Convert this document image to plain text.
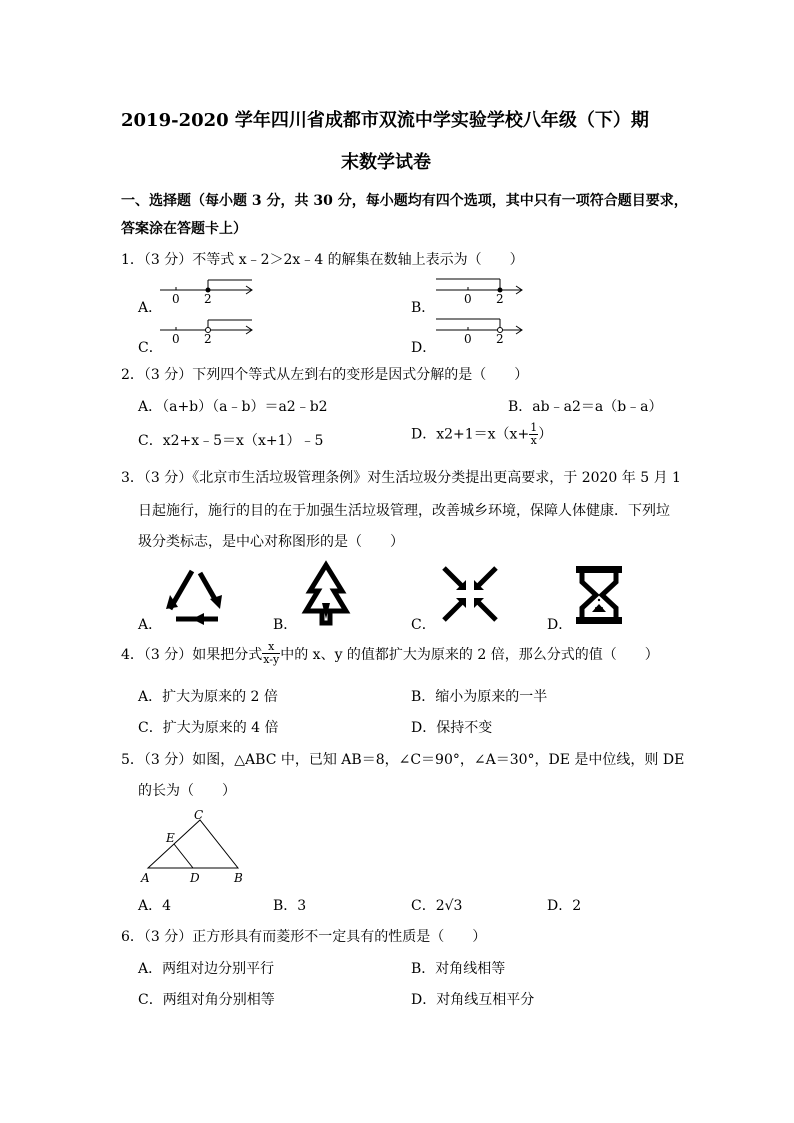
2019-2020 学年四川省成都市双流中学实验学校八年级（下）期
末数学试卷
一、选择题（每小题 3 分，共 30 分，每小题均有四个选项，其中只有一项符合题目要求，
答案涂在答题卡上）
1．（3 分）不等式 x﹣2＞2x﹣4 的解集在数轴上表示为（　　）
A．
0 2
B．
0 2
C．
0 2
D．
0 2
2．（3 分）下列四个等式从左到右的变形是因式分解的是（　　）
A．（a+b）（a﹣b）＝a2﹣b2	B．ab﹣a2＝a（b﹣a）
C．x2+x﹣5＝x（x+1）﹣5	D．$x2+1=x(x+ \frac{1}{x}$ ）
3．（3 分）《北京市生活垃圾管理条例》对生活垃圾分类提出更高要求，于 2020 年 5 月 1
日起施行，施行的目的在于加强生活垃圾管理，改善城乡环境，保障人体健康．下列垃
圾分类标志，是中心对称图形的是（　　）
A．	B．	C．	D．
4．（3 分）如果把分式 $\frac{x}{x-y}$ 中的 x、y 的值都扩大为原来的 2 倍，那么分式的值（　　）
A．扩大为原来的 2 倍	B．缩小为原来的一半
C．扩大为原来的 4 倍	D．保持不变
5．（3 分）如图，△ABC 中，已知 AB＝8，∠C＝90°，∠A＝30°，DE 是中位线，则 DE
的长为（　　）
C
E
A	D	B
A．4	B．3	C．2√3	D．2
6．（3 分）正方形具有而菱形不一定具有的性质是（　　）
A．两组对边分别平行	B．对角线相等
C．两组对角分别相等	D．对角线互相平分
